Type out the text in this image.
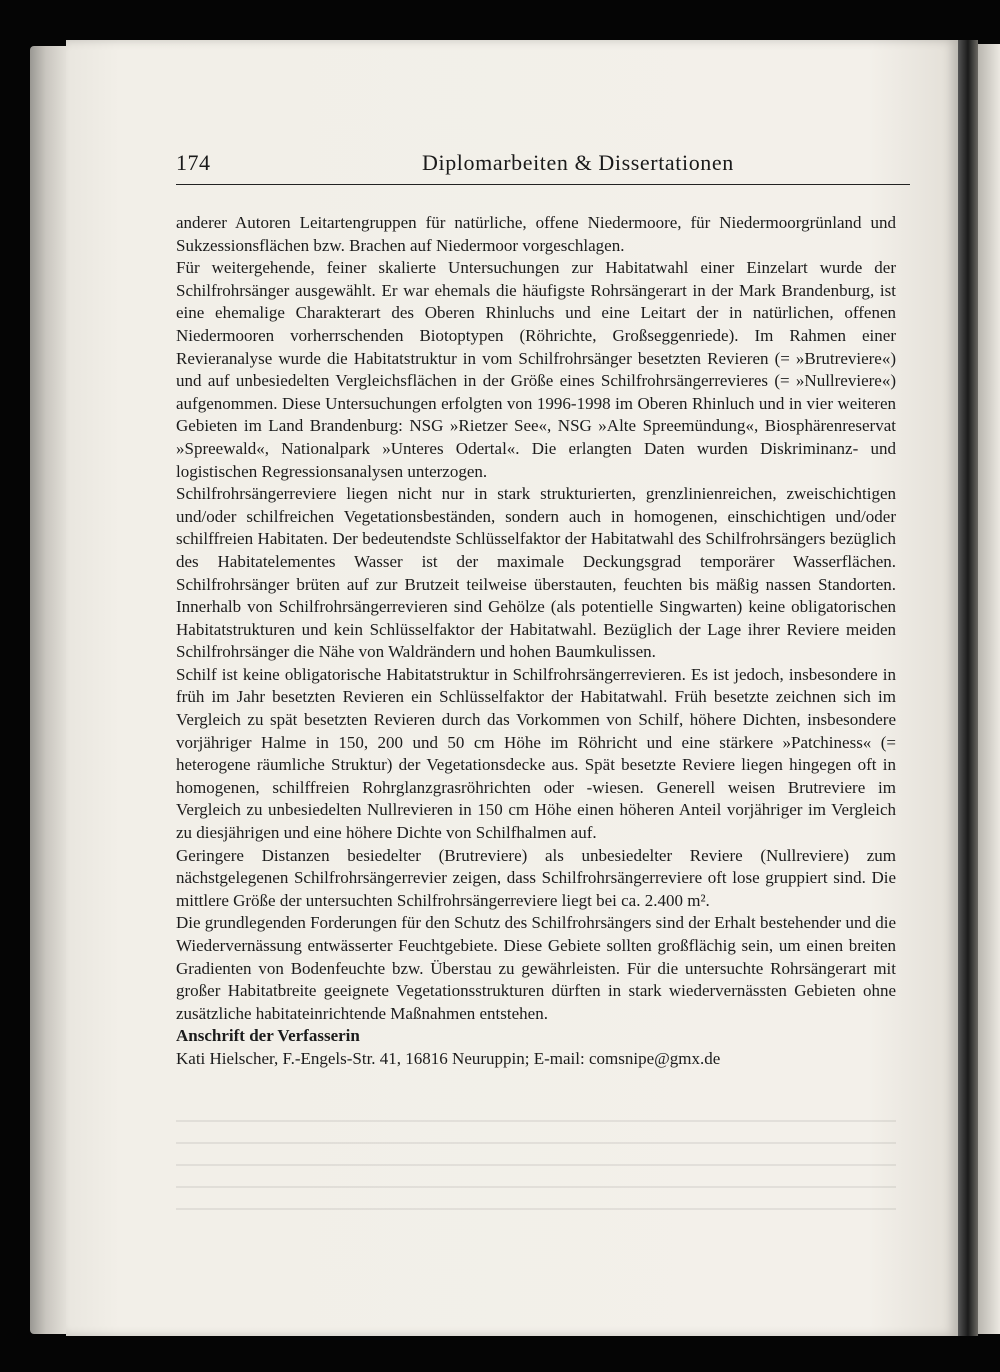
174	Diplomarbeiten & Dissertationen

anderer Autoren Leitartengruppen für natürliche, offene Niedermoore, für Niedermoorgrünland und Sukzessionsflächen bzw. Brachen auf Niedermoor vorgeschlagen.

Für weitergehende, feiner skalierte Untersuchungen zur Habitatwahl einer Einzelart wurde der Schilfrohrsänger ausgewählt. Er war ehemals die häufigste Rohrsängerart in der Mark Brandenburg, ist eine ehemalige Charakterart des Oberen Rhinluchs und eine Leitart der in natürlichen, offenen Niedermooren vorherrschenden Biotoptypen (Röhrichte, Großseggenriede). Im Rahmen einer Revieranalyse wurde die Habitatstruktur in vom Schilfrohrsänger besetzten Revieren (= »Brutreviere«) und auf unbesiedelten Vergleichsflächen in der Größe eines Schilfrohrsängerrevieres (= »Nullreviere«) aufgenommen. Diese Untersuchungen erfolgten von 1996-1998 im Oberen Rhinluch und in vier weiteren Gebieten im Land Brandenburg: NSG »Rietzer See«, NSG »Alte Spreemündung«, Biosphärenreservat »Spreewald«, Nationalpark »Unteres Odertal«. Die erlangten Daten wurden Diskriminanz- und logistischen Regressionsanalysen unterzogen.

Schilfrohrsängerreviere liegen nicht nur in stark strukturierten, grenzlinienreichen, zweischichtigen und/oder schilfreichen Vegetationsbeständen, sondern auch in homogenen, einschichtigen und/oder schilffreien Habitaten. Der bedeutendste Schlüsselfaktor der Habitatwahl des Schilfrohrsängers bezüglich des Habitatelementes Wasser ist der maximale Deckungsgrad temporärer Wasserflächen. Schilfrohrsänger brüten auf zur Brutzeit teilweise überstauten, feuchten bis mäßig nassen Standorten. Innerhalb von Schilfrohrsängerrevieren sind Gehölze (als potentielle Singwarten) keine obligatorischen Habitatstrukturen und kein Schlüsselfaktor der Habitatwahl. Bezüglich der Lage ihrer Reviere meiden Schilfrohrsänger die Nähe von Waldrändern und hohen Baumkulissen.

Schilf ist keine obligatorische Habitatstruktur in Schilfrohrsängerrevieren. Es ist jedoch, insbesondere in früh im Jahr besetzten Revieren ein Schlüsselfaktor der Habitatwahl. Früh besetzte zeichnen sich im Vergleich zu spät besetzten Revieren durch das Vorkommen von Schilf, höhere Dichten, insbesondere vorjähriger Halme in 150, 200 und 50 cm Höhe im Röhricht und eine stärkere »Patchiness« (= heterogene räumliche Struktur) der Vegetationsdecke aus. Spät besetzte Reviere liegen hingegen oft in homogenen, schilffreien Rohrglanzgrasröhrichten oder -wiesen. Generell weisen Brutreviere im Vergleich zu unbesiedelten Nullrevieren in 150 cm Höhe einen höheren Anteil vorjähriger im Vergleich zu diesjährigen und eine höhere Dichte von Schilfhalmen auf.

Geringere Distanzen besiedelter (Brutreviere) als unbesiedelter Reviere (Nullreviere) zum nächstgelegenen Schilfrohrsängerrevier zeigen, dass Schilfrohrsängerreviere oft lose gruppiert sind. Die mittlere Größe der untersuchten Schilfrohrsängerreviere liegt bei ca. 2.400 m².

Die grundlegenden Forderungen für den Schutz des Schilfrohrsängers sind der Erhalt bestehender und die Wiedervernässung entwässerter Feuchtgebiete. Diese Gebiete sollten großflächig sein, um einen breiten Gradienten von Bodenfeuchte bzw. Überstau zu gewährleisten. Für die untersuchte Rohrsängerart mit großer Habitatbreite geeignete Vegetationsstrukturen dürften in stark wiedervernässten Gebieten ohne zusätzliche habitateinrichtende Maßnahmen entstehen.

Anschrift der Verfasserin

Kati Hielscher, F.-Engels-Str. 41, 16816 Neuruppin; E-mail: comsnipe@gmx.de
